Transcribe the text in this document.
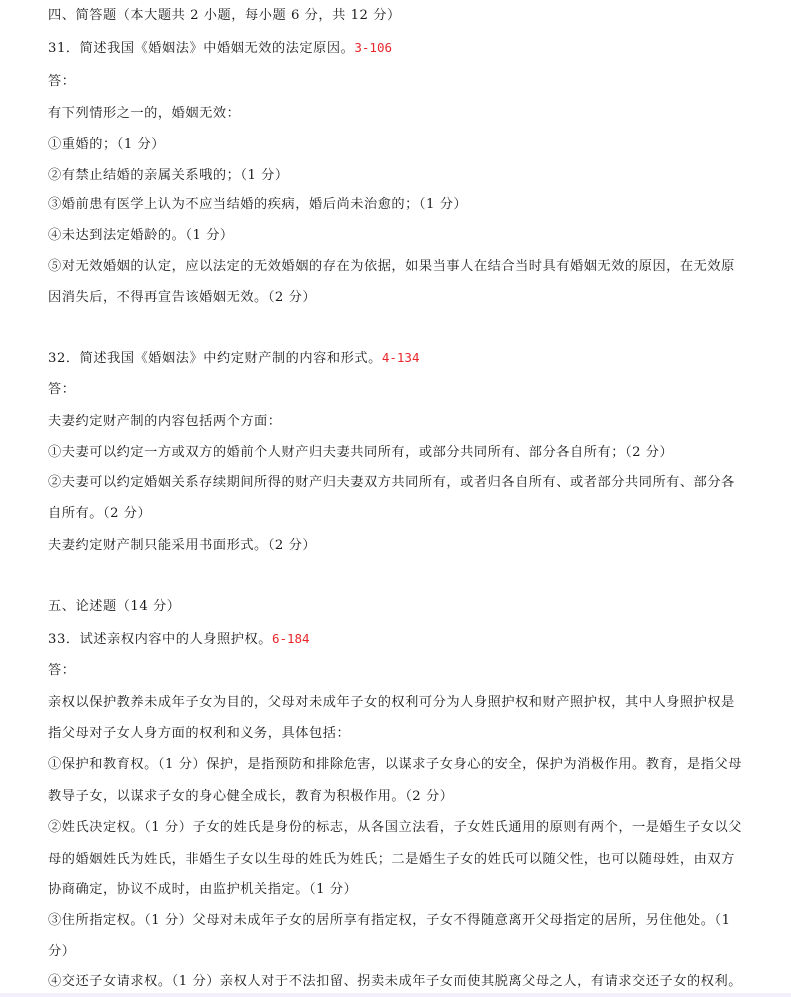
四、简答题（本大题共 2 小题，每小题 6 分，共 12 分）
31．简述我国《婚姻法》中婚姻无效的法定原因。3-106
答：
有下列情形之一的，婚姻无效：
①重婚的；（1 分）
②有禁止结婚的亲属关系哦的；（1 分）
③婚前患有医学上认为不应当结婚的疾病，婚后尚未治愈的；（1 分）
④未达到法定婚龄的。（1 分）
⑤对无效婚姻的认定，应以法定的无效婚姻的存在为依据，如果当事人在结合当时具有婚姻无效的原因，在无效原
因消失后，不得再宣告该婚姻无效。（2 分）
32．简述我国《婚姻法》中约定财产制的内容和形式。4-134
答：
夫妻约定财产制的内容包括两个方面：
①夫妻可以约定一方或双方的婚前个人财产归夫妻共同所有，或部分共同所有、部分各自所有；（2 分）
②夫妻可以约定婚姻关系存续期间所得的财产归夫妻双方共同所有，或者归各自所有、或者部分共同所有、部分各
自所有。（2 分）
夫妻约定财产制只能采用书面形式。（2 分）
五、论述题（14 分）
33．试述亲权内容中的人身照护权。6-184
答：
亲权以保护教养未成年子女为目的，父母对未成年子女的权利可分为人身照护权和财产照护权，其中人身照护权是
指父母对子女人身方面的权利和义务，具体包括：
①保护和教育权。（1 分）保护，是指预防和排除危害，以谋求子女身心的安全，保护为消极作用。教育，是指父母
教导子女，以谋求子女的身心健全成长，教育为积极作用。（2 分）
②姓氏决定权。（1 分）子女的姓氏是身份的标志，从各国立法看，子女姓氏通用的原则有两个，一是婚生子女以父
母的婚姻姓氏为姓氏，非婚生子女以生母的姓氏为姓氏；二是婚生子女的姓氏可以随父性，也可以随母姓，由双方
协商确定，协议不成时，由监护机关指定。（1 分）
③住所指定权。（1 分）父母对未成年子女的居所享有指定权，子女不得随意离开父母指定的居所，另住他处。（1
分）
④交还子女请求权。（1 分）亲权人对于不法扣留、拐卖未成年子女而使其脱离父母之人，有请求交还子女的权利。
